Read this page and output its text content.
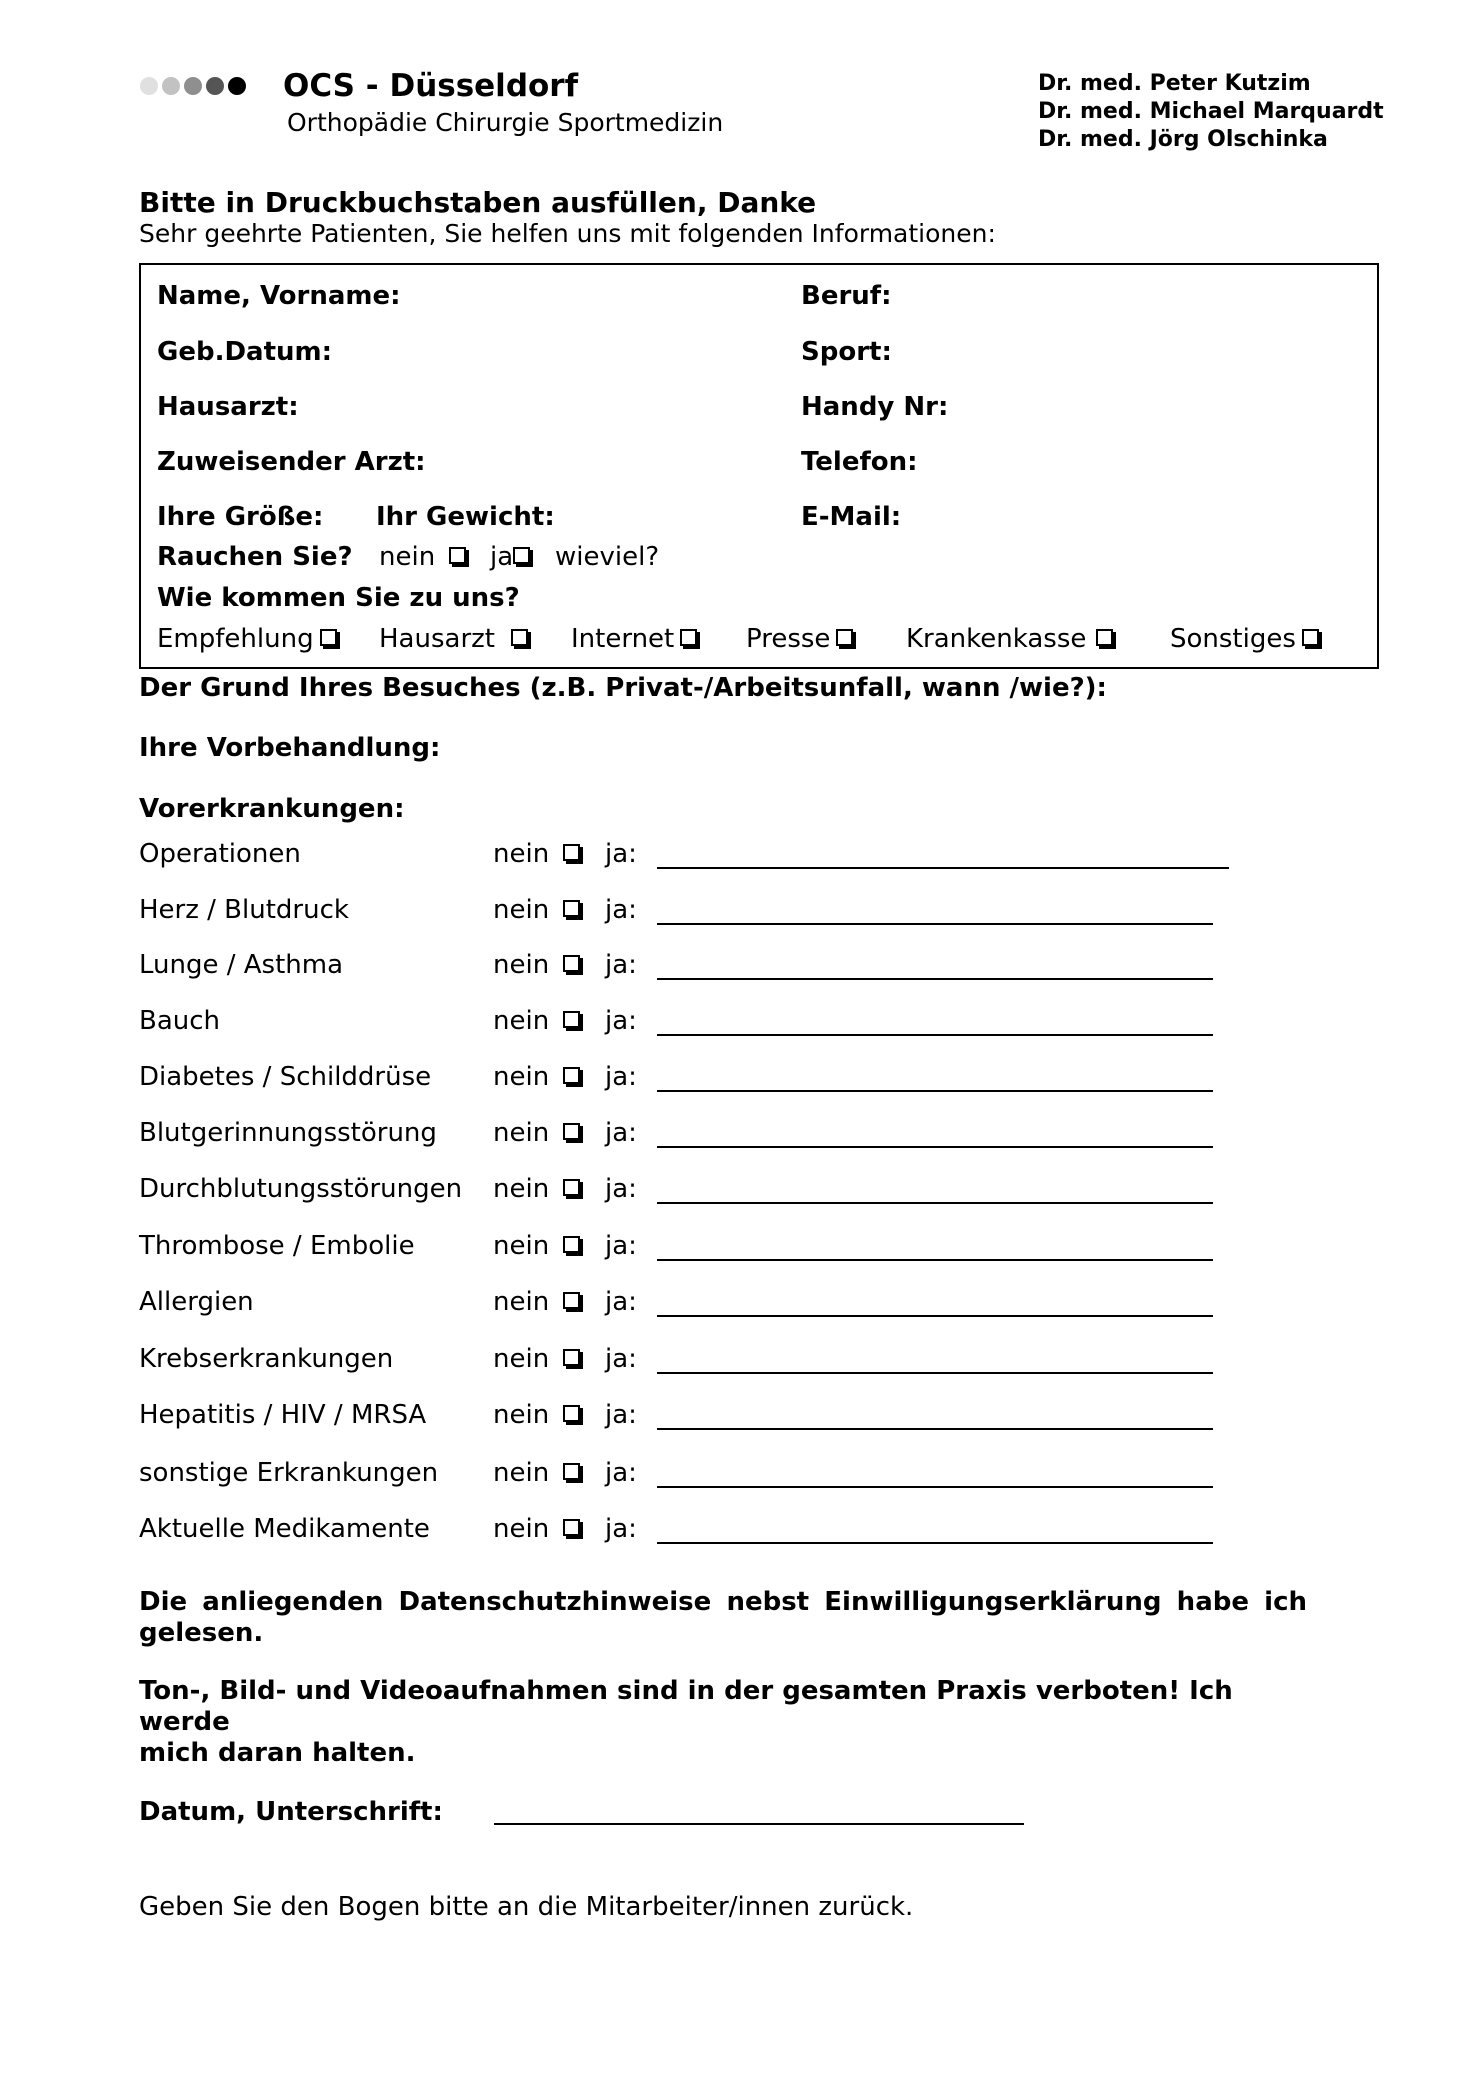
OCS - Düsseldorf
Orthopädie Chirurgie Sportmedizin
Dr. med. Peter Kutzim
Dr. med. Michael Marquardt
Dr. med. Jörg Olschinka
Bitte in Druckbuchstaben ausfüllen, Danke
Sehr geehrte Patienten, Sie helfen uns mit folgenden Informationen:
Name, Vorname:	Beruf:
Geb.Datum:	Sport:
Hausarzt:	Handy Nr:
Zuweisender Arzt:	Telefon:
Ihre Größe: Ihr Gewicht:	E-Mail:
Rauchen Sie? nein	ja	wieviel?
Wie kommen Sie zu uns?
Empfehlung	Hausarzt	Internet	Presse	Krankenkasse	Sonstiges
Der Grund Ihres Besuches (z.B. Privat-/Arbeitsunfall, wann /wie?):
Ihre Vorbehandlung:
Vorerkrankungen:
Operationen	nein	ja:
Herz / Blutdruck	nein	ja:
Lunge / Asthma	nein	ja:
Bauch	nein	ja:
Diabetes / Schilddrüse nein	ja:
Blutgerinnungsstörung nein	ja:
Durchblutungsstörungen nein	ja:
Thrombose / Embolie	nein	ja:
Allergien	nein	ja:
Krebserkrankungen	nein	ja:
Hepatitis / HIV / MRSA	nein	ja:
sonstige Erkrankungen nein	ja:
Aktuelle Medikamente nein	ja:
Die anliegenden Datenschutzhinweise nebst Einwilligungserklärung habe ich
gelesen.
Ton-, Bild- und Videoaufnahmen sind in der gesamten Praxis verboten! Ich werde
mich daran halten.
Datum, Unterschrift:
Geben Sie den Bogen bitte an die Mitarbeiter/innen zurück.
